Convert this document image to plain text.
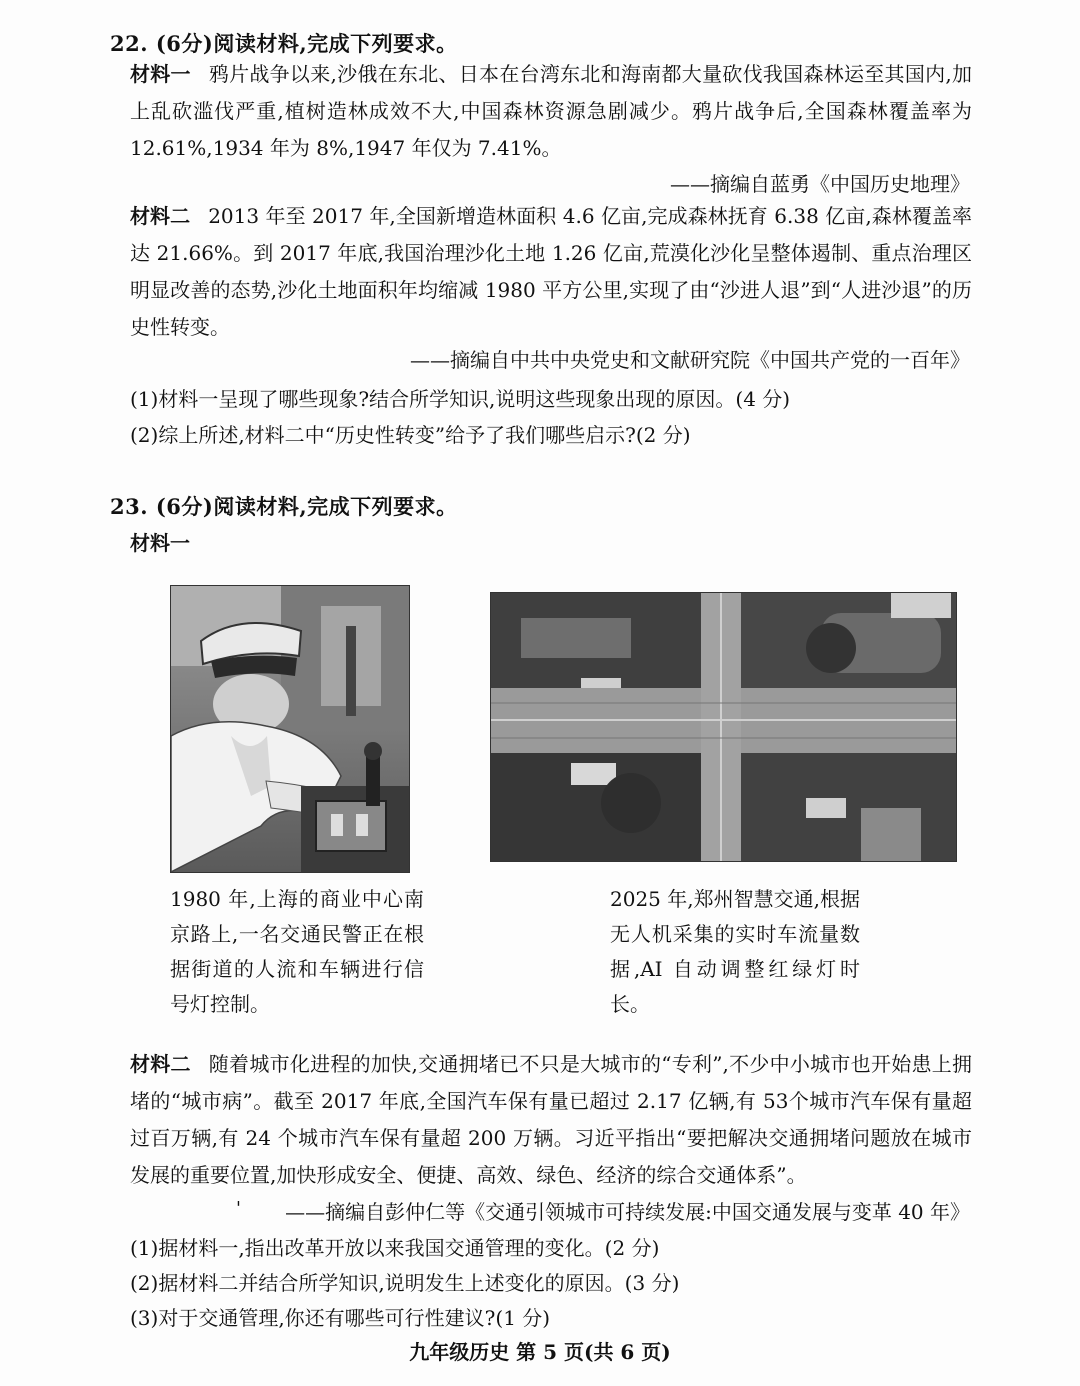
22. (6分)阅读材料,完成下列要求。
材料一 鸦片战争以来,沙俄在东北、日本在台湾东北和海南都大量砍伐我国森林运至其国内,加上乱砍滥伐严重,植树造林成效不大,中国森林资源急剧减少。鸦片战争后,全国森林覆盖率为 12.61%,1934 年为 8%,1947 年仅为 7.41%。
——摘编自蓝勇《中国历史地理》
材料二 2013 年至 2017 年,全国新增造林面积 4.6 亿亩,完成森林抚育 6.38 亿亩,森林覆盖率达 21.66%。到 2017 年底,我国治理沙化土地 1.26 亿亩,荒漠化沙化呈整体遏制、重点治理区明显改善的态势,沙化土地面积年均缩减 1980 平方公里,实现了由“沙进人退”到“人进沙退”的历史性转变。
——摘编自中共中央党史和文献研究院《中国共产党的一百年》
(1)材料一呈现了哪些现象?结合所学知识,说明这些现象出现的原因。(4 分)
(2)综上所述,材料二中“历史性转变”给予了我们哪些启示?(2 分)
23. (6分)阅读材料,完成下列要求。
材料一
1980 年,上海的商业中心南京路上,一名交通民警正在根据街道的人流和车辆进行信号灯控制。
2025 年,郑州智慧交通,根据无人机采集的实时车流量数据,AI 自动调整红绿灯时长。
材料二 随着城市化进程的加快,交通拥堵已不只是大城市的“专利”,不少中小城市也开始患上拥堵的“城市病”。截至 2017 年底,全国汽车保有量已超过 2.17 亿辆,有 53个城市汽车保有量超过百万辆,有 24 个城市汽车保有量超 200 万辆。习近平指出“要把解决交通拥堵问题放在城市发展的重要位置,加快形成安全、便捷、高效、绿色、经济的综合交通体系”。
' ——摘编自彭仲仁等《交通引领城市可持续发展:中国交通发展与变革 40 年》
(1)据材料一,指出改革开放以来我国交通管理的变化。(2 分)
(2)据材料二并结合所学知识,说明发生上述变化的原因。(3 分)
(3)对于交通管理,你还有哪些可行性建议?(1 分)
九年级历史 第 5 页(共 6 页)
